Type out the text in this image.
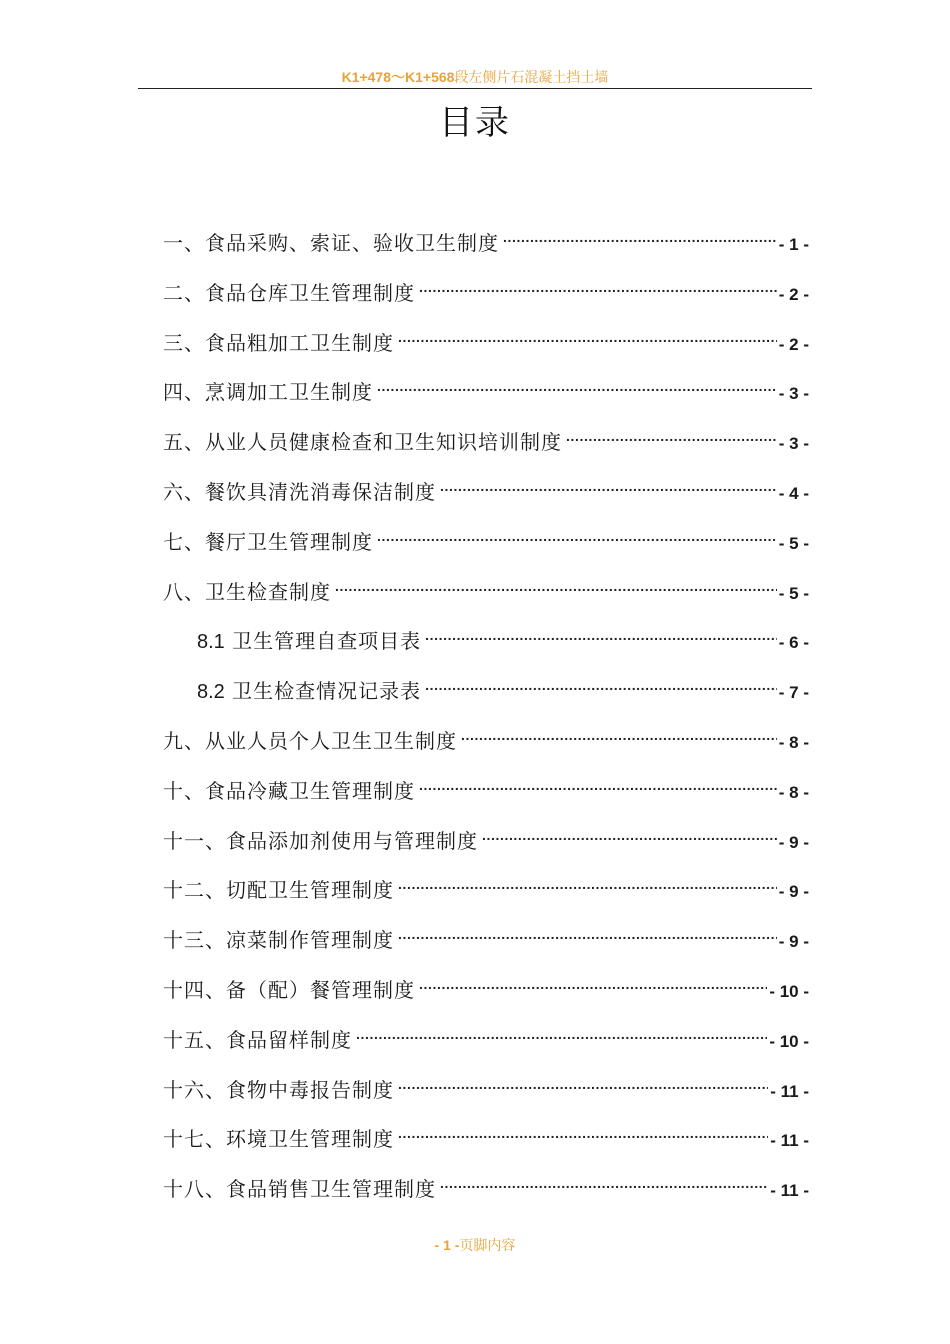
K1+478～K1+568段左侧片石混凝土挡土墙
目录
一、食品采购、索证、验收卫生制度 .....	- 1 -
二、食品仓库卫生管理制度 .....	- 2 -
三、食品粗加工卫生制度 .....	- 2 -
四、烹调加工卫生制度 .....	- 3 -
五、从业人员健康检查和卫生知识培训制度 .....	- 3 -
六、餐饮具清洗消毒保洁制度 .....	- 4 -
七、餐厅卫生管理制度 .....	- 5 -
八、卫生检查制度 .....	- 5 -
8.1 卫生管理自查项目表 .....	- 6 -
8.2 卫生检查情况记录表 .....	- 7 -
九、从业人员个人卫生卫生制度 .....	- 8 -
十、食品冷藏卫生管理制度 .....	- 8 -
十一、食品添加剂使用与管理制度 .....	- 9 -
十二、切配卫生管理制度 .....	- 9 -
十三、凉菜制作管理制度 .....	- 9 -
十四、备（配）餐管理制度 .....	- 10 -
十五、食品留样制度 .....	- 10 -
十六、食物中毒报告制度 .....	- 11 -
十七、环境卫生管理制度 .....	- 11 -
十八、食品销售卫生管理制度 .....	- 11 -
- 1 -页脚内容
